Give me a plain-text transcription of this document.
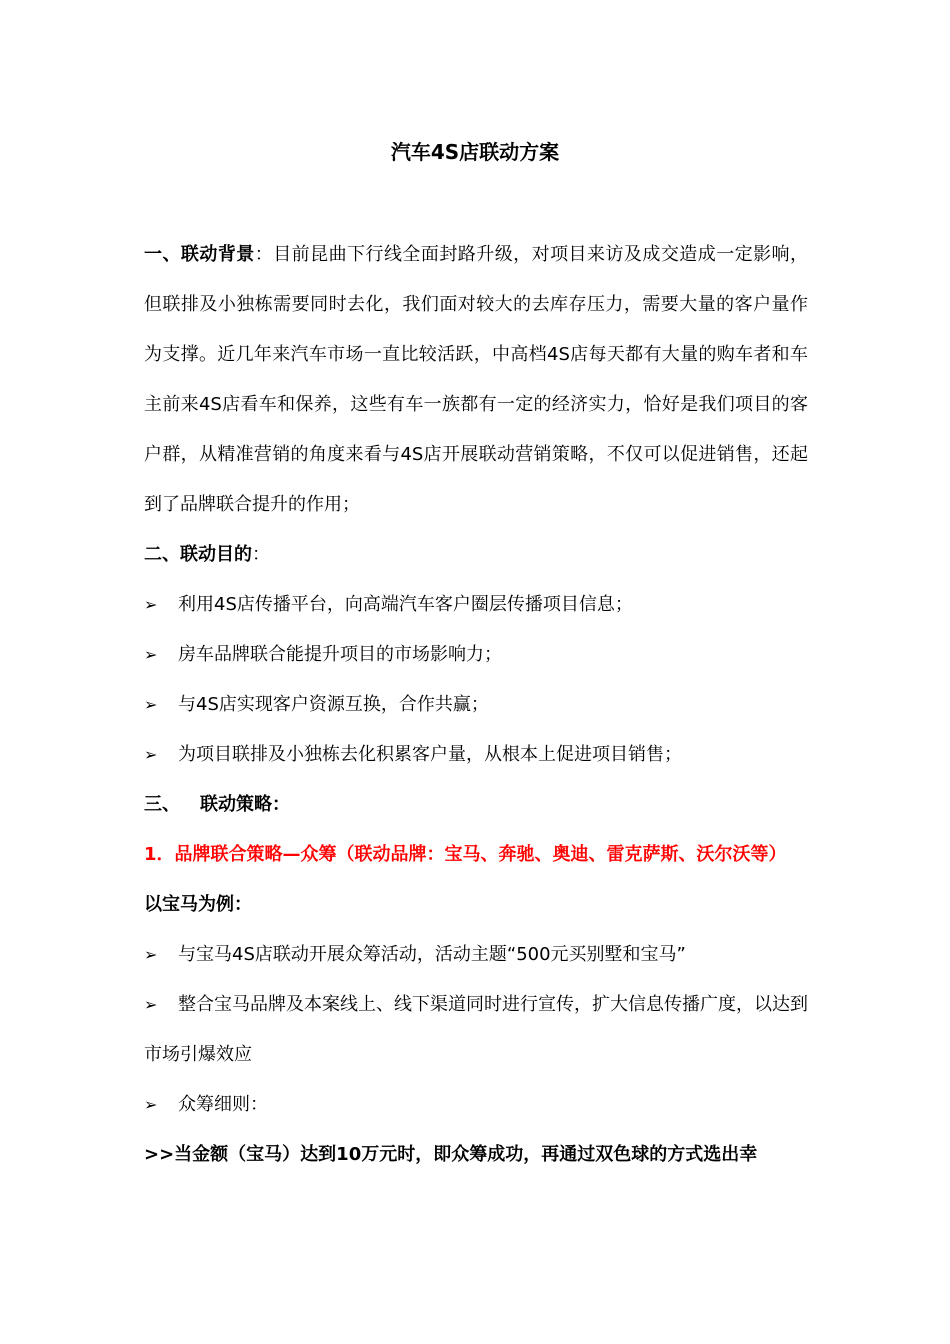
汽车4S店联动方案

一、联动背景：目前昆曲下行线全面封路升级，对项目来访及成交造成一定影响，但联排及小独栋需要同时去化，我们面对较大的去库存压力，需要大量的客户量作为支撑。近几年来汽车市场一直比较活跃，中高档4S店每天都有大量的购车者和车主前来4S店看车和保养，这些有车一族都有一定的经济实力，恰好是我们项目的客户群，从精准营销的角度来看与4S店开展联动营销策略，不仅可以促进销售，还起到了品牌联合提升的作用；

二、联动目的：

➢	利用4S店传播平台，向高端汽车客户圈层传播项目信息；

➢	房车品牌联合能提升项目的市场影响力；

➢	与4S店实现客户资源互换，合作共赢；

➢	为项目联排及小独栋去化积累客户量，从根本上促进项目销售；

三、 联动策略：

1．品牌联合策略—众筹（联动品牌：宝马、奔驰、奥迪、雷克萨斯、沃尔沃等）

以宝马为例：

➢	与宝马4S店联动开展众筹活动，活动主题“500元买别墅和宝马”

➢ 整合宝马品牌及本案线上、线下渠道同时进行宣传，扩大信息传播广度，以达到市场引爆效应

➢	众筹细则：

>>当金额（宝马）达到10万元时，即众筹成功，再通过双色球的方式选出幸
